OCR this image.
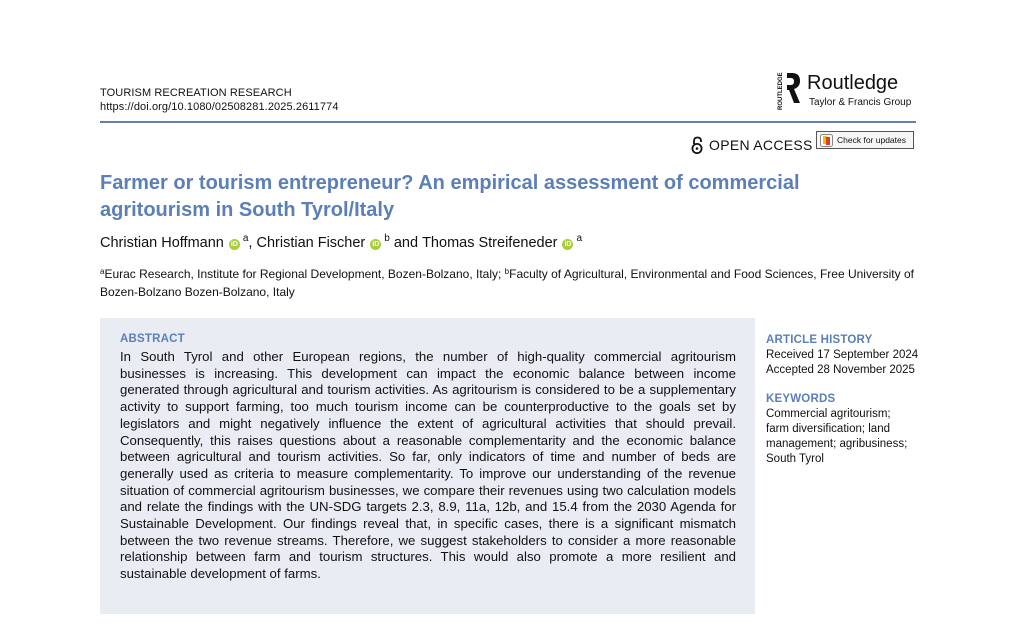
TOURISM RECREATION RESEARCH
https://doi.org/10.1080/02508281.2025.2611774	ROUTLEDGE Routledge
Taylor & Francis Group
OPEN ACCESS	Check for updates
Farmer or tourism entrepreneur? An empirical assessment of commercial agritourism in South Tyrol/Italy
Christian Hoffmann iD
a , Christian Fischer iD
b and Thomas Streifeneder iD
a
$^a$Eurac Research, Institute for Regional Development, Bozen-Bolzano, Italy; $^b$Faculty of Agricultural, Environmental and Food Sciences, Free University of Bozen-Bolzano Bozen-Bolzano, Italy
ABSTRACT

In South Tyrol and other European regions, the number of high-quality commercial agritourism businesses is increasing. This development can impact the economic balance between income generated through agricultural and tourism activities. As agritourism is considered to be a supplementary activity to support farming, too much tourism income can be counterproductive to the goals set by legislators and might negatively influence the extent of agricultural activities that should prevail. Consequently, this raises questions about a reasonable complementarity and the economic balance between agricultural and tourism activities. So far, only indicators of time and number of beds are generally used as criteria to measure complementarity. To improve our understanding of the revenue situation of commercial agritourism businesses, we compare their revenues using two calculation models and relate the findings with the UN-SDG targets 2.3, 8.9, 11a, 12b, and 15.4 from the 2030 Agenda for Sustainable Development. Our findings reveal that, in specific cases, there is a significant mismatch between the two revenue streams. Therefore, we suggest stakeholders to consider a more reasonable relationship between farm and tourism structures. This would also promote a more resilient and sustainable development of farms.

ARTICLE HISTORY
Received 17 September 2024
Accepted 28 November 2025
KEYWORDS
Commercial agritourism; farm diversification; land management; agribusiness; South Tyrol
